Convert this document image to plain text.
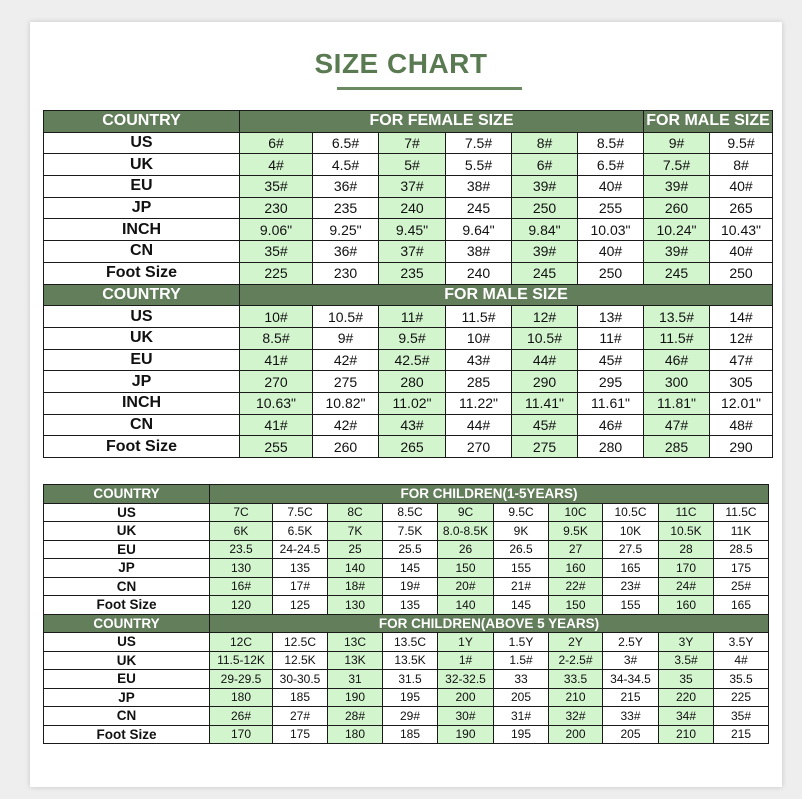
SIZE CHART
COUNTRY	FOR FEMALE SIZE						FOR MALE SIZE	
US	6#	6.5#	7#	7.5#	8#	8.5#	9#	9.5#
UK	4#	4.5#	5#	5.5#	6#	6.5#	7.5#	8#
EU	35#	36#	37#	38#	39#	40#	39#	40#
JP	230	235	240	245	250	255	260	265
INCH	9.06"	9.25"	9.45"	9.64"	9.84"	10.03"	10.24"	10.43"
CN	35#	36#	37#	38#	39#	40#	39#	40#
Foot Size	225	230	235	240	245	250	245	250
COUNTRY	FOR MALE SIZE							
US	10#	10.5#	11#	11.5#	12#	13#	13.5#	14#
UK	8.5#	9#	9.5#	10#	10.5#	11#	11.5#	12#
EU	41#	42#	42.5#	43#	44#	45#	46#	47#
JP	270	275	280	285	290	295	300	305
INCH	10.63"	10.82"	11.02"	11.22"	11.41"	11.61"	11.81"	12.01"
CN	41#	42#	43#	44#	45#	46#	47#	48#
Foot Size	255	260	265	270	275	280	285	290
COUNTRY	FOR CHILDREN(1-5YEARS)									
US	7C	7.5C	8C	8.5C	9C	9.5C	10C	10.5C	11C	11.5C
UK	6K	6.5K	7K	7.5K	8.0-8.5K	9K	9.5K	10K	10.5K	11K
EU	23.5	24-24.5	25	25.5	26	26.5	27	27.5	28	28.5
JP	130	135	140	145	150	155	160	165	170	175
CN	16#	17#	18#	19#	20#	21#	22#	23#	24#	25#
Foot Size	120	125	130	135	140	145	150	155	160	165
COUNTRY	FOR CHILDREN(ABOVE 5 YEARS)									
US	12C	12.5C	13C	13.5C	1Y	1.5Y	2Y	2.5Y	3Y	3.5Y
UK	11.5-12K	12.5K	13K	13.5K	1#	1.5#	2-2.5#	3#	3.5#	4#
EU	29-29.5	30-30.5	31	31.5	32-32.5	33	33.5	34-34.5	35	35.5
JP	180	185	190	195	200	205	210	215	220	225
CN	26#	27#	28#	29#	30#	31#	32#	33#	34#	35#
Foot Size	170	175	180	185	190	195	200	205	210	215
